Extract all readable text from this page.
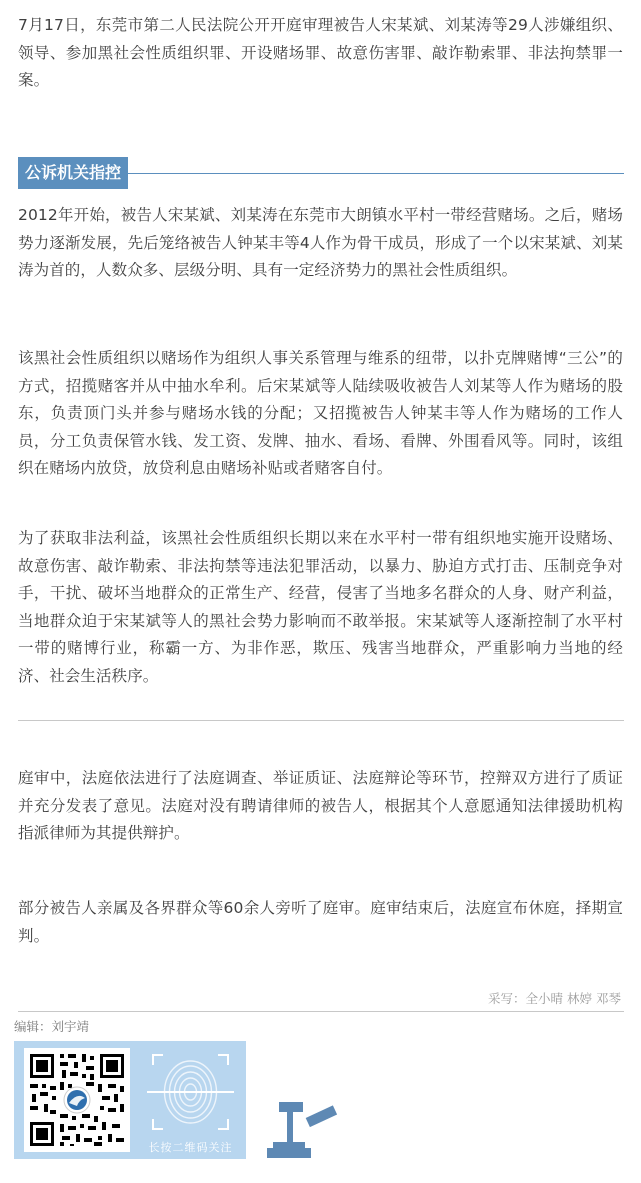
7月17日，东莞市第二人民法院公开开庭审理被告人宋某斌、刘某涛等29人涉嫌组织、领导、参加黑社会性质组织罪、开设赌场罪、故意伤害罪、敲诈勒索罪、非法拘禁罪一案。

公诉机关指控

2012年开始，被告人宋某斌、刘某涛在东莞市大朗镇水平村一带经营赌场。之后，赌场势力逐渐发展，先后笼络被告人钟某丰等4人作为骨干成员，形成了一个以宋某斌、刘某涛为首的，人数众多、层级分明、具有一定经济势力的黑社会性质组织。

该黑社会性质组织以赌场作为组织人事关系管理与维系的纽带，以扑克牌赌博“三公”的方式，招揽赌客并从中抽水牟利。后宋某斌等人陆续吸收被告人刘某等人作为赌场的股东，负责顶门头并参与赌场水钱的分配；又招揽被告人钟某丰等人作为赌场的工作人员，分工负责保管水钱、发工资、发牌、抽水、看场、看牌、外围看风等。同时，该组织在赌场内放贷，放贷利息由赌场补贴或者赌客自付。

为了获取非法利益，该黑社会性质组织长期以来在水平村一带有组织地实施开设赌场、故意伤害、敲诈勒索、非法拘禁等违法犯罪活动，以暴力、胁迫方式打击、压制竞争对手，干扰、破坏当地群众的正常生产、经营，侵害了当地多名群众的人身、财产利益，当地群众迫于宋某斌等人的黑社会势力影响而不敢举报。宋某斌等人逐渐控制了水平村一带的赌博行业，称霸一方、为非作恶，欺压、残害当地群众，严重影响力当地的经济、社会生活秩序。

庭审中，法庭依法进行了法庭调查、举证质证、法庭辩论等环节，控辩双方进行了质证并充分发表了意见。法庭对没有聘请律师的被告人，根据其个人意愿通知法律援助机构指派律师为其提供辩护。

部分被告人亲属及各界群众等60余人旁听了庭审。庭审结束后，法庭宣布休庭，择期宣判。

采写：全小晴 林婷 邓琴
编辑：刘宇靖
长按二维码关注
